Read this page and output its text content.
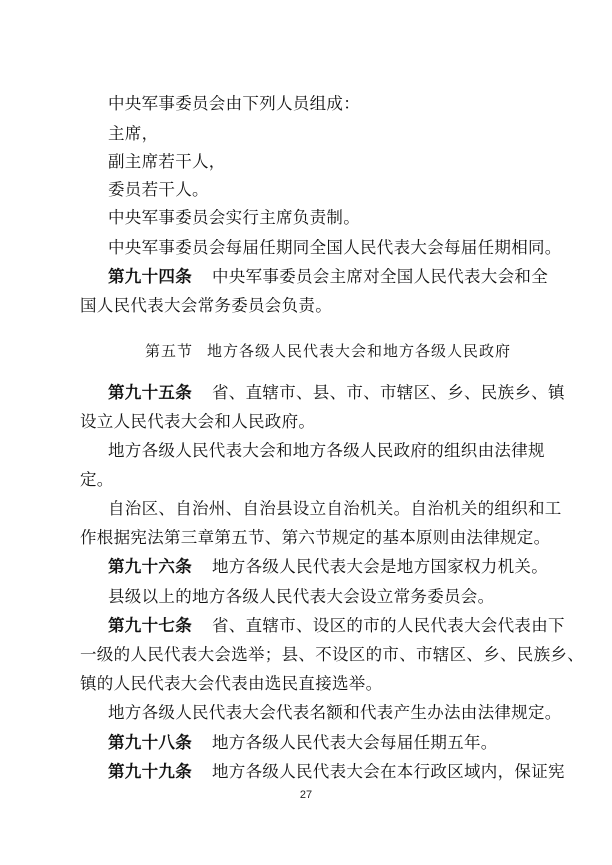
中央军事委员会由下列人员组成：
主席，
副主席若干人，
委员若干人。
中央军事委员会实行主席负责制。
中央军事委员会每届任期同全国人民代表大会每届任期相同。
第九十四条 中央军事委员会主席对全国人民代表大会和全
国人民代表大会常务委员会负责。
第五节 地方各级人民代表大会和地方各级人民政府
第九十五条 省、直辖市、县、市、市辖区、乡、民族乡、镇
设立人民代表大会和人民政府。
地方各级人民代表大会和地方各级人民政府的组织由法律规
定。
自治区、自治州、自治县设立自治机关。自治机关的组织和工
作根据宪法第三章第五节、第六节规定的基本原则由法律规定。
第九十六条 地方各级人民代表大会是地方国家权力机关。
县级以上的地方各级人民代表大会设立常务委员会。
第九十七条 省、直辖市、设区的市的人民代表大会代表由下
一级的人民代表大会选举；县、不设区的市、市辖区、乡、民族乡、
镇的人民代表大会代表由选民直接选举。
地方各级人民代表大会代表名额和代表产生办法由法律规定。
第九十八条 地方各级人民代表大会每届任期五年。
第九十九条 地方各级人民代表大会在本行政区域内，保证宪
27
